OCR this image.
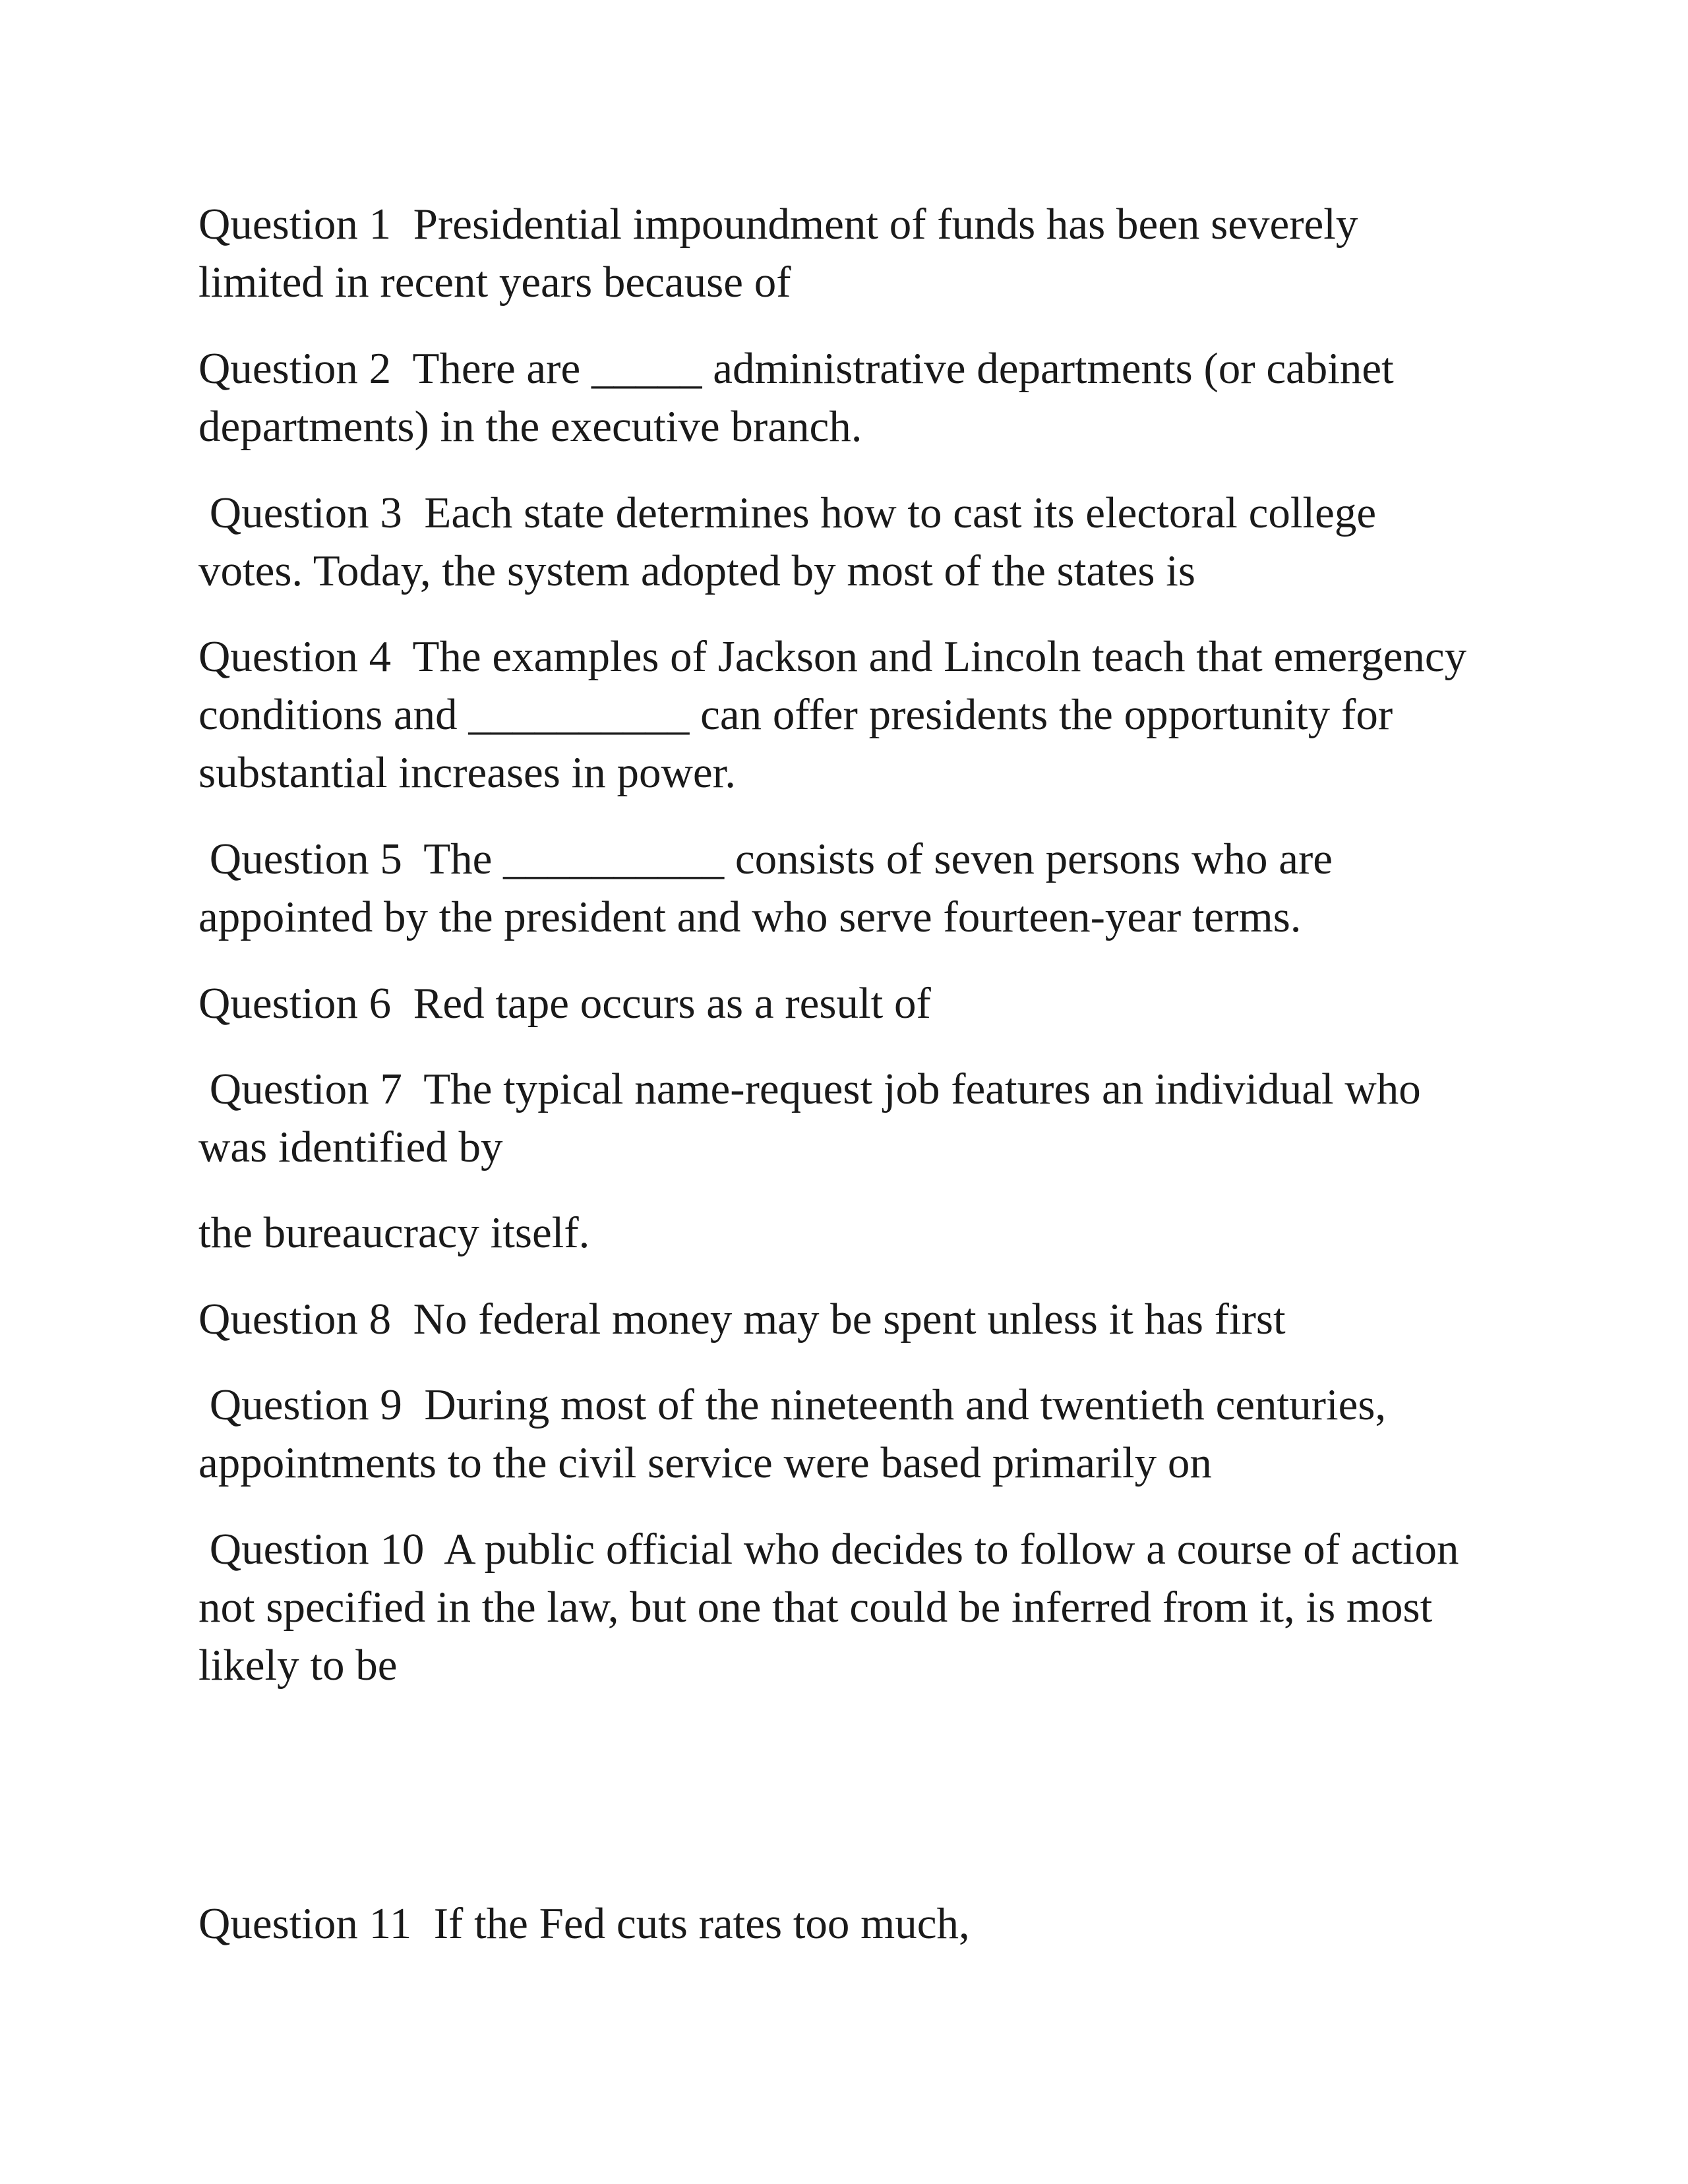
Question 1  Presidential impoundment of funds has been severely

limited in recent years because of

Question 2  There are _____ administrative departments (or cabinet

departments) in the executive branch.

Question 3  Each state determines how to cast its electoral college

votes. Today, the system adopted by most of the states is

Question 4  The examples of Jackson and Lincoln teach that emergency

conditions and __________ can offer presidents the opportunity for

substantial increases in power.

Question 5  The __________ consists of seven persons who are

appointed by the president and who serve fourteen-year terms.

Question 6  Red tape occurs as a result of

Question 7  The typical name-request job features an individual who

was identified by

the bureaucracy itself.

Question 8  No federal money may be spent unless it has first

Question 9  During most of the nineteenth and twentieth centuries,

appointments to the civil service were based primarily on

Question 10  A public official who decides to follow a course of action

not specified in the law, but one that could be inferred from it, is most

likely to be

Question 11  If the Fed cuts rates too much,
